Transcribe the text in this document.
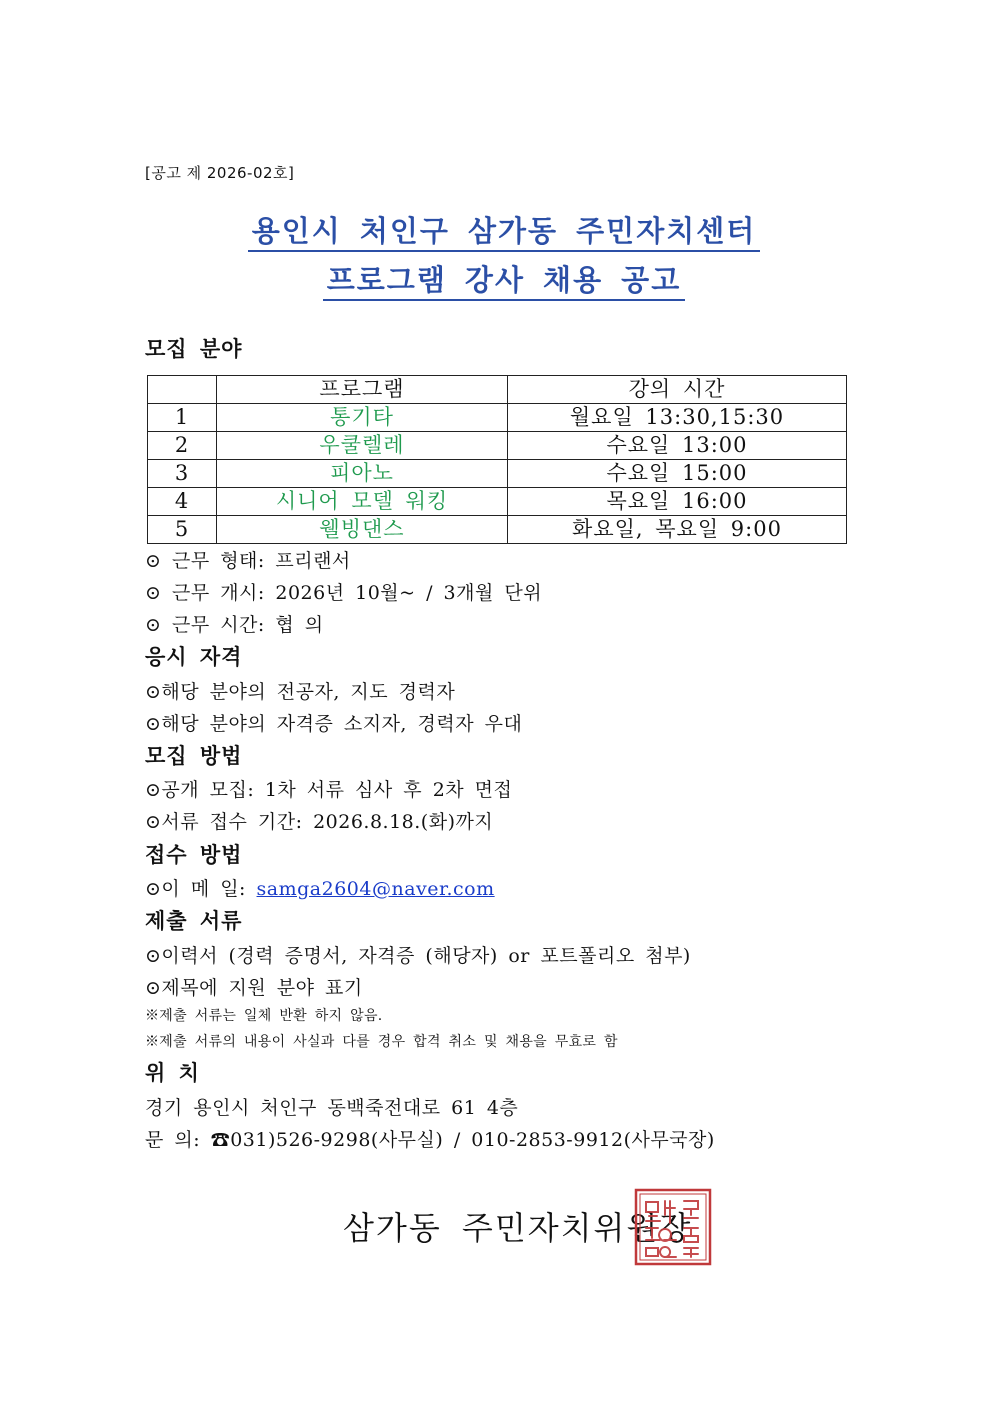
[공고 제 2026-02호]
용인시 처인구 삼가동 주민자치센터
프로그램 강사 채용 공고
모집 분야
	프로그램	강의 시간
1	통기타	월요일 13:30,15:30
2	우쿨렐레	수요일 13:00
3	피아노	수요일 15:00
4	시니어 모델 워킹	목요일 16:00
5	웰빙댄스	화요일, 목요일 9:00
⊙ 근무 형태: 프리랜서
⊙ 근무 개시: 2026년 10월~ / 3개월 단위
⊙ 근무 시간: 협 의
응시 자격
⊙해당 분야의 전공자, 지도 경력자
⊙해당 분야의 자격증 소지자, 경력자 우대
모집 방법
⊙공개 모집: 1차 서류 심사 후 2차 면접
⊙서류 접수 기간: 2026.8.18.(화)까지
접수 방법
⊙이 메 일: samga2604@naver.com
제출 서류
⊙이력서 (경력 증명서, 자격증 (해당자) or 포트폴리오 첨부)
⊙제목에 지원 분야 표기
※제출 서류는 일체 반환 하지 않음.
※제출 서류의 내용이 사실과 다를 경우 합격 취소 및 채용을 무효로 함
위 치
경기 용인시 처인구 동백죽전대로 61 4층
문 의: ☎031)526-9298(사무실) / 010-2853-9912(사무국장)
삼가동 주민자치위원장
